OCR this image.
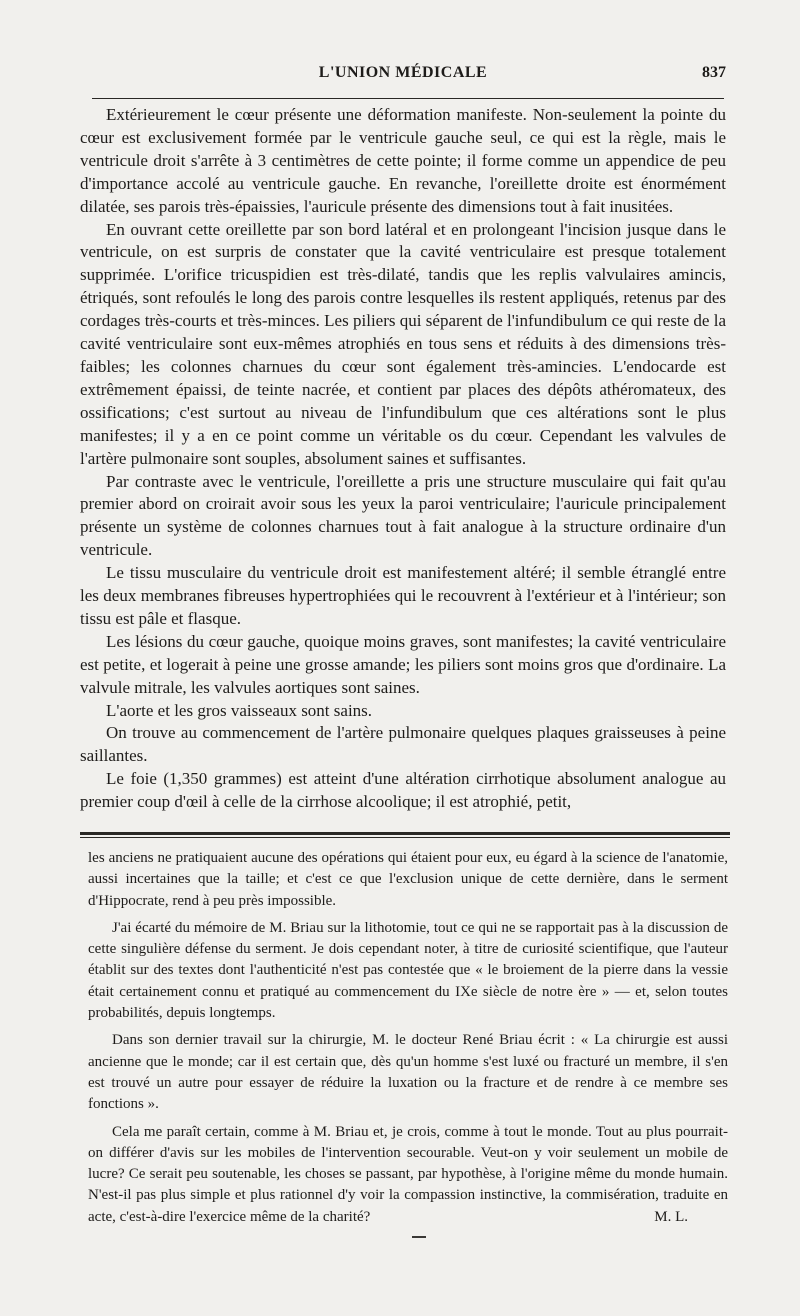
L'UNION MÉDICALE	837

Extérieurement le cœur présente une déformation manifeste. Non-seulement la pointe du cœur est exclusivement formée par le ventricule gauche seul, ce qui est la règle, mais le ventricule droit s'arrête à 3 centimètres de cette pointe; il forme comme un appendice de peu d'importance accolé au ventricule gauche. En revanche, l'oreillette droite est énormément dilatée, ses parois très-épaissies, l'auricule présente des dimensions tout à fait inusitées.

En ouvrant cette oreillette par son bord latéral et en prolongeant l'incision jusque dans le ventricule, on est surpris de constater que la cavité ventriculaire est presque totalement supprimée. L'orifice tricuspidien est très-dilaté, tandis que les replis valvulaires amincis, étriqués, sont refoulés le long des parois contre lesquelles ils restent appliqués, retenus par des cordages très-courts et très-minces. Les piliers qui séparent de l'infundibulum ce qui reste de la cavité ventriculaire sont eux-mêmes atrophiés en tous sens et réduits à des dimensions très-faibles; les colonnes charnues du cœur sont également très-amincies. L'endocarde est extrêmement épaissi, de teinte nacrée, et contient par places des dépôts athéromateux, des ossifications; c'est surtout au niveau de l'infundibulum que ces altérations sont le plus manifestes; il y a en ce point comme un véritable os du cœur. Cependant les valvules de l'artère pulmonaire sont souples, absolument saines et suffisantes.

Par contraste avec le ventricule, l'oreillette a pris une structure musculaire qui fait qu'au premier abord on croirait avoir sous les yeux la paroi ventriculaire; l'auricule principalement présente un système de colonnes charnues tout à fait analogue à la structure ordinaire d'un ventricule.

Le tissu musculaire du ventricule droit est manifestement altéré; il semble étranglé entre les deux membranes fibreuses hypertrophiées qui le recouvrent à l'extérieur et à l'intérieur; son tissu est pâle et flasque.

Les lésions du cœur gauche, quoique moins graves, sont manifestes; la cavité ventriculaire est petite, et logerait à peine une grosse amande; les piliers sont moins gros que d'ordinaire. La valvule mitrale, les valvules aortiques sont saines.

L'aorte et les gros vaisseaux sont sains.

On trouve au commencement de l'artère pulmonaire quelques plaques graisseuses à peine saillantes.

Le foie (1,350 grammes) est atteint d'une altération cirrhotique absolument analogue au premier coup d'œil à celle de la cirrhose alcoolique; il est atrophié, petit,

les anciens ne pratiquaient aucune des opérations qui étaient pour eux, eu égard à la science de l'anatomie, aussi incertaines que la taille; et c'est ce que l'exclusion unique de cette dernière, dans le serment d'Hippocrate, rend à peu près impossible.

J'ai écarté du mémoire de M. Briau sur la lithotomie, tout ce qui ne se rapportait pas à la discussion de cette singulière défense du serment. Je dois cependant noter, à titre de curiosité scientifique, que l'auteur établit sur des textes dont l'authenticité n'est pas contestée que « le broiement de la pierre dans la vessie était certainement connu et pratiqué au commencement du IXe siècle de notre ère » — et, selon toutes probabilités, depuis longtemps.

Dans son dernier travail sur la chirurgie, M. le docteur René Briau écrit : « La chirurgie est aussi ancienne que le monde; car il est certain que, dès qu'un homme s'est luxé ou fracturé un membre, il s'en est trouvé un autre pour essayer de réduire la luxation ou la fracture et de rendre à ce membre ses fonctions ».

Cela me paraît certain, comme à M. Briau et, je crois, comme à tout le monde. Tout au plus pourrait-on différer d'avis sur les mobiles de l'intervention secourable. Veut-on y voir seulement un mobile de lucre? Ce serait peu soutenable, les choses se passant, par hypothèse, à l'origine même du monde humain. N'est-il pas plus simple et plus rationnel d'y voir la compassion instinctive, la commisération, traduite en acte, c'est-à-dire l'exercice même de la charité?	M. L.
